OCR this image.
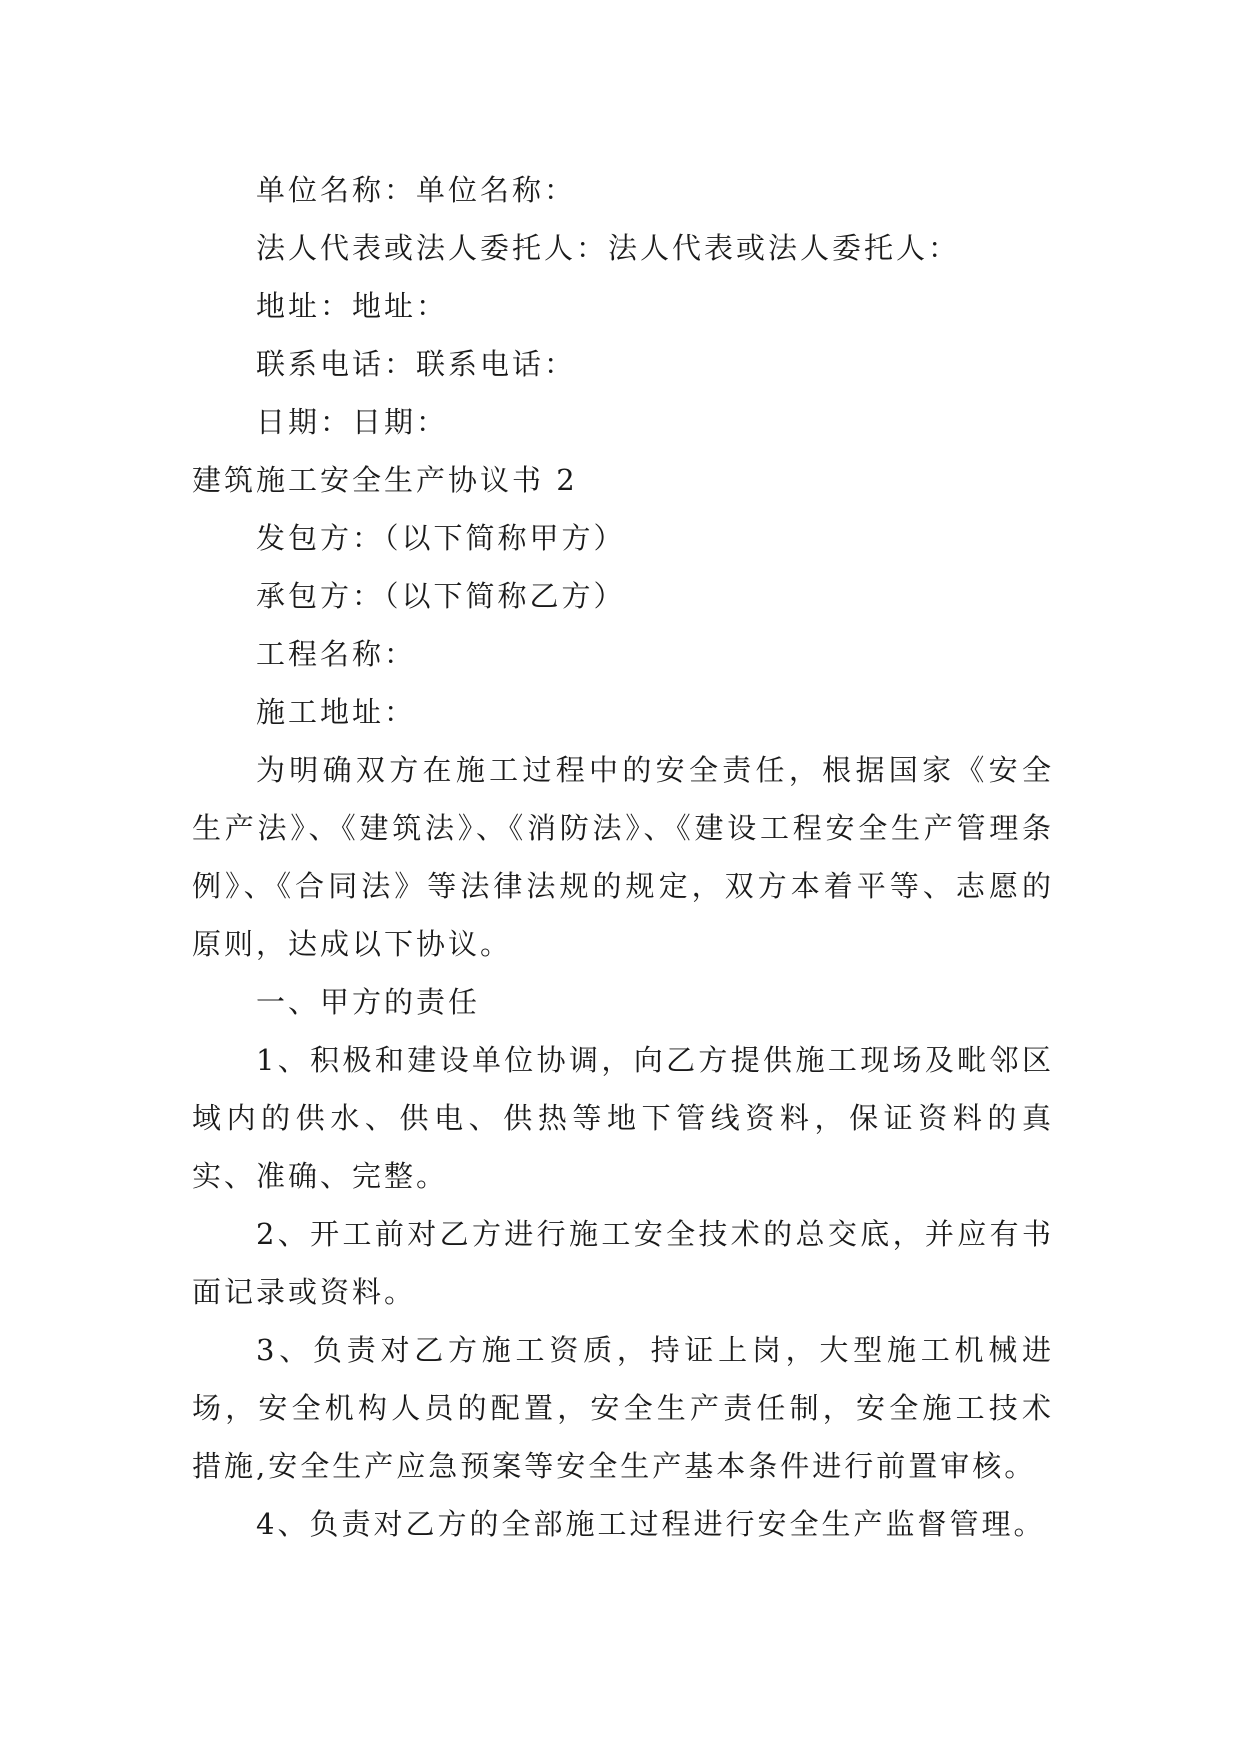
单位名称：单位名称：
法人代表或法人委托人：法人代表或法人委托人：
地址：地址：
联系电话：联系电话：
日期：日期：
建筑施工安全生产协议书 2
发包方：（以下简称甲方）
承包方：（以下简称乙方）
工程名称：
施工地址：
为明确双方在施工过程中的安全责任，根据国家《安全生产法》、《建筑法》、《消防法》、《建设工程安全生产管理条例》、《合同法》等法律法规的规定，双方本着平等、志愿的原则，达成以下协议。
一、甲方的责任
1、积极和建设单位协调，向乙方提供施工现场及毗邻区域内的供水、供电、供热等地下管线资料，保证资料的真实、准确、完整。
2、开工前对乙方进行施工安全技术的总交底，并应有书面记录或资料。
3、负责对乙方施工资质，持证上岗，大型施工机械进场，安全机构人员的配置，安全生产责任制，安全施工技术措施,安全生产应急预案等安全生产基本条件进行前置审核。
4、负责对乙方的全部施工过程进行安全生产监督管理。
